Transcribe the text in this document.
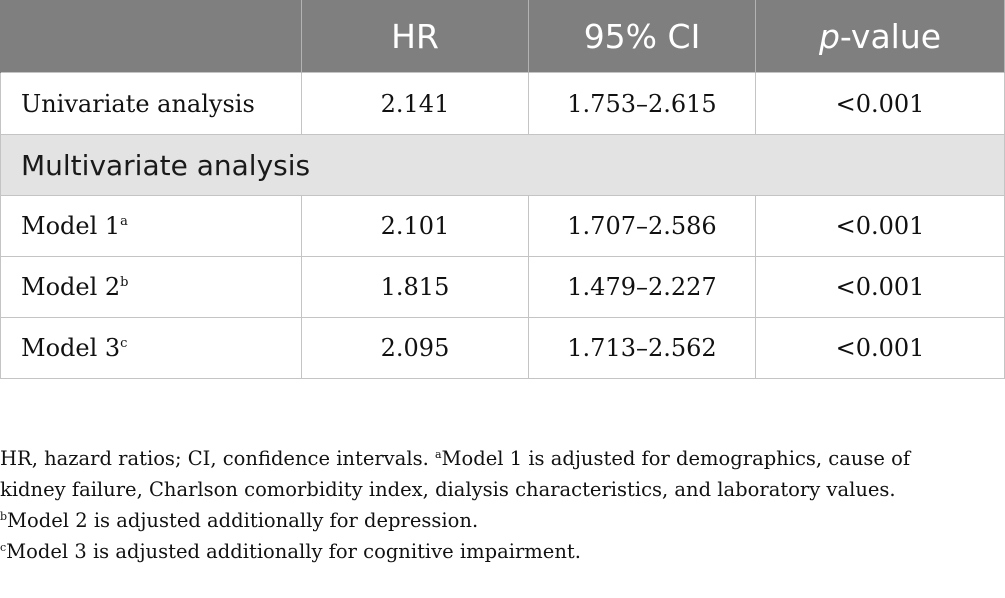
	HR	95% CI	p-value
Univariate analysis	2.141	1.753–2.615	<0.001
Multivariate analysis			
Model 1$^a$	2.101	1.707–2.586	<0.001
Model 2$^b$	1.815	1.479–2.227	<0.001
Model 3$^c$	2.095	1.713–2.562	<0.001

HR, hazard ratios; CI, confidence intervals. $^a$Model 1 is adjusted for demographics, cause of

kidney failure, Charlson comorbidity index, dialysis characteristics, and laboratory values.

$^b$Model 2 is adjusted additionally for depression.

$^c$Model 3 is adjusted additionally for cognitive impairment.
